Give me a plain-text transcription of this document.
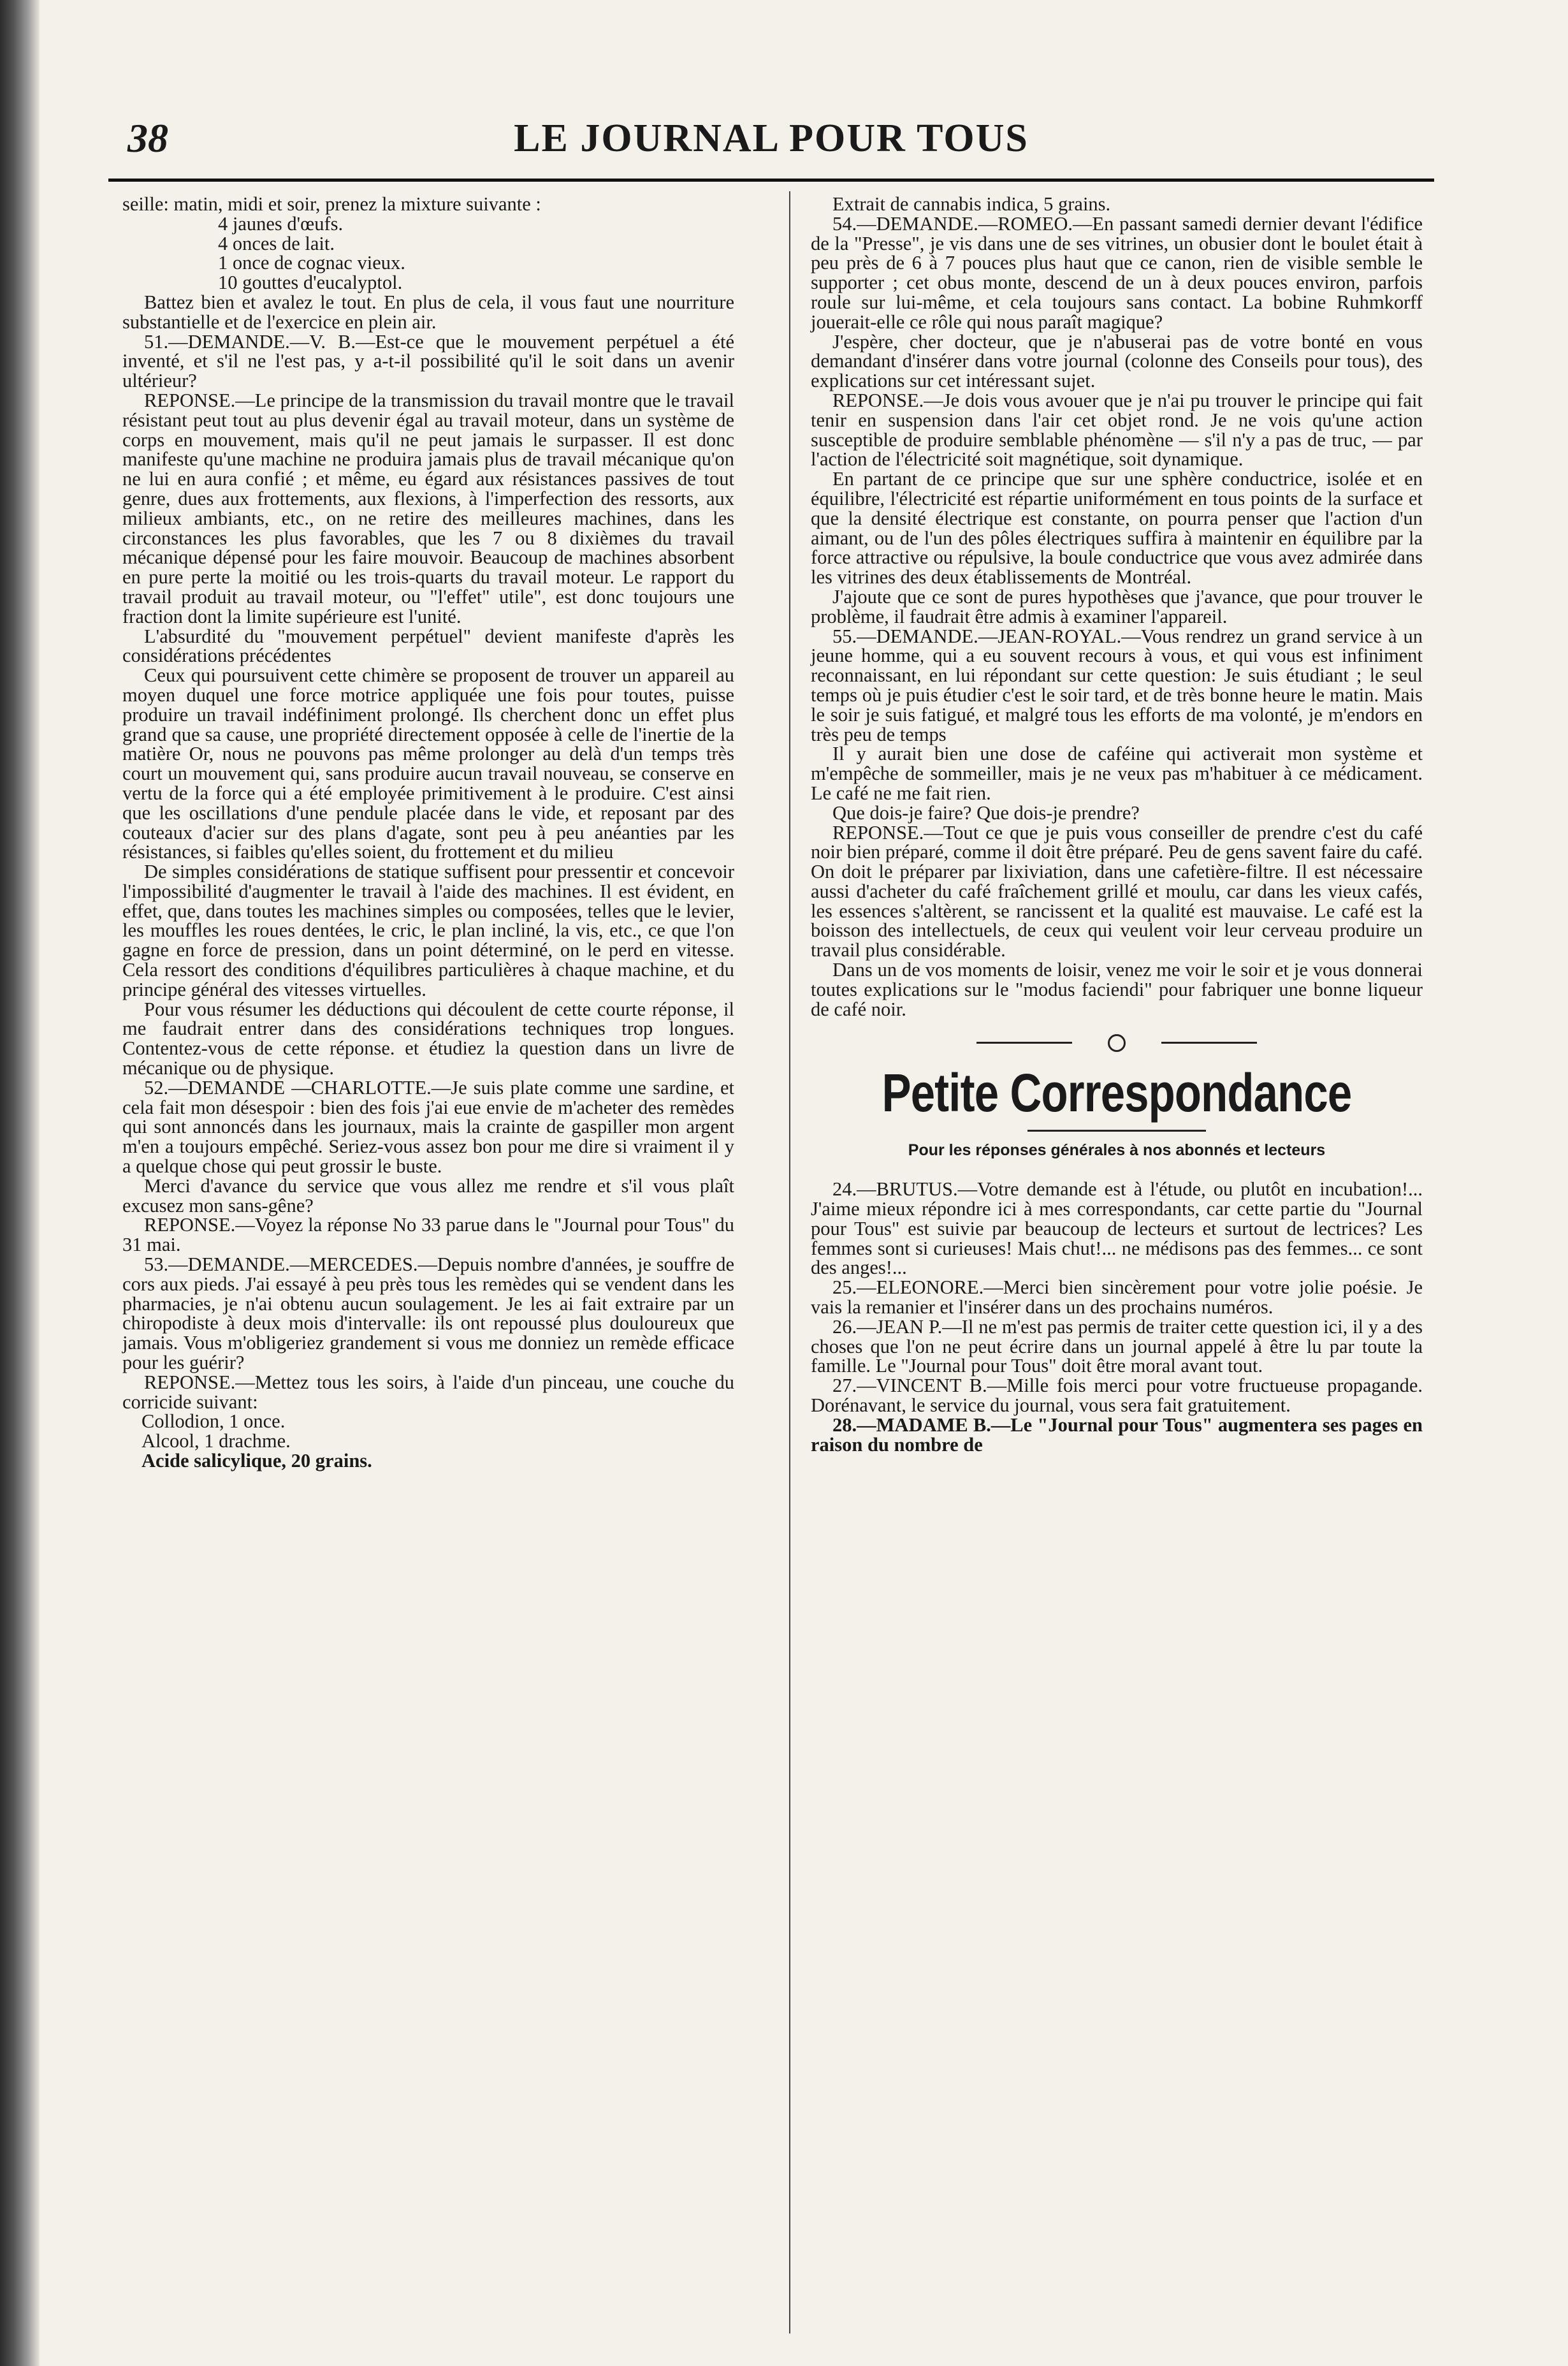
38	LE JOURNAL POUR TOUS

seille: matin, midi et soir, prenez la mixture suivante :

4 jaunes d'œufs.

4 onces de lait.

1 once de cognac vieux.

10 gouttes d'eucalyptol.

Battez bien et avalez le tout. En plus de cela, il vous faut une nourriture substantielle et de l'exercice en plein air.

51.—DEMANDE.—V. B.—Est-ce que le mouvement perpétuel a été inventé, et s'il ne l'est pas, y a-t-il possibilité qu'il le soit dans un avenir ultérieur?

REPONSE.—Le principe de la transmission du travail montre que le travail résistant peut tout au plus devenir égal au travail moteur, dans un système de corps en mouvement, mais qu'il ne peut jamais le surpasser. Il est donc manifeste qu'une machine ne produira jamais plus de travail mécanique qu'on ne lui en aura confié ; et même, eu égard aux résistances passives de tout genre, dues aux frottements, aux flexions, à l'imperfection des ressorts, aux milieux ambiants, etc., on ne retire des meilleures machines, dans les circonstances les plus favorables, que les 7 ou 8 dixièmes du travail mécanique dépensé pour les faire mouvoir. Beaucoup de machines absorbent en pure perte la moitié ou les trois-quarts du travail moteur. Le rapport du travail produit au travail moteur, ou "l'effet" utile", est donc toujours une fraction dont la limite supérieure est l'unité.

L'absurdité du "mouvement perpétuel" devient manifeste d'après les considérations précédentes

Ceux qui poursuivent cette chimère se proposent de trouver un appareil au moyen duquel une force motrice appliquée une fois pour toutes, puisse produire un travail indéfiniment prolongé. Ils cherchent donc un effet plus grand que sa cause, une propriété directement opposée à celle de l'inertie de la matière Or, nous ne pouvons pas même prolonger au delà d'un temps très court un mouvement qui, sans produire aucun travail nouveau, se conserve en vertu de la force qui a été employée primitivement à le produire. C'est ainsi que les oscillations d'une pendule placée dans le vide, et reposant par des couteaux d'acier sur des plans d'agate, sont peu à peu anéanties par les résistances, si faibles qu'elles soient, du frottement et du milieu

De simples considérations de statique suffisent pour pressentir et concevoir l'impossibilité d'augmenter le travail à l'aide des machines. Il est évident, en effet, que, dans toutes les machines simples ou composées, telles que le levier, les mouffles les roues dentées, le cric, le plan incliné, la vis, etc., ce que l'on gagne en force de pression, dans un point déterminé, on le perd en vitesse. Cela ressort des conditions d'équilibres particulières à chaque machine, et du principe général des vitesses virtuelles.

Pour vous résumer les déductions qui découlent de cette courte réponse, il me faudrait entrer dans des considérations techniques trop longues. Contentez-vous de cette réponse. et étudiez la question dans un livre de mécanique ou de physique.

52.—DEMANDE —CHARLOTTE.—Je suis plate comme une sardine, et cela fait mon désespoir : bien des fois j'ai eue envie de m'acheter des remèdes qui sont annoncés dans les journaux, mais la crainte de gaspiller mon argent m'en a toujours empêché. Seriez-vous assez bon pour me dire si vraiment il y a quelque chose qui peut grossir le buste.

Merci d'avance du service que vous allez me rendre et s'il vous plaît excusez mon sans-gêne?

REPONSE.—Voyez la réponse No 33 parue dans le "Journal pour Tous" du 31 mai.

53.—DEMANDE.—MERCEDES.—Depuis nombre d'années, je souffre de cors aux pieds. J'ai essayé à peu près tous les remèdes qui se vendent dans les pharmacies, je n'ai obtenu aucun soulagement. Je les ai fait extraire par un chiropodiste à deux mois d'intervalle: ils ont repoussé plus douloureux que jamais. Vous m'obligeriez grandement si vous me donniez un remède efficace pour les guérir?

REPONSE.—Mettez tous les soirs, à l'aide d'un pinceau, une couche du corricide suivant:

Collodion, 1 once.

Alcool, 1 drachme.

Acide salicylique, 20 grains.

Extrait de cannabis indica, 5 grains.

54.—DEMANDE.—ROMEO.—En passant samedi dernier devant l'édifice de la "Presse", je vis dans une de ses vitrines, un obusier dont le boulet était à peu près de 6 à 7 pouces plus haut que ce canon, rien de visible semble le supporter ; cet obus monte, descend de un à deux pouces environ, parfois roule sur lui-même, et cela toujours sans contact. La bobine Ruhmkorff jouerait-elle ce rôle qui nous paraît magique?

J'espère, cher docteur, que je n'abuserai pas de votre bonté en vous demandant d'insérer dans votre journal (colonne des Conseils pour tous), des explications sur cet intéressant sujet.

REPONSE.—Je dois vous avouer que je n'ai pu trouver le principe qui fait tenir en suspension dans l'air cet objet rond. Je ne vois qu'une action susceptible de produire semblable phénomène — s'il n'y a pas de truc, — par l'action de l'électricité soit magnétique, soit dynamique.

En partant de ce principe que sur une sphère conductrice, isolée et en équilibre, l'électricité est répartie uniformément en tous points de la surface et que la densité électrique est constante, on pourra penser que l'action d'un aimant, ou de l'un des pôles électriques suffira à maintenir en équilibre par la force attractive ou répulsive, la boule conductrice que vous avez admirée dans les vitrines des deux établissements de Montréal.

J'ajoute que ce sont de pures hypothèses que j'avance, que pour trouver le problème, il faudrait être admis à examiner l'appareil.

55.—DEMANDE.—JEAN-ROYAL.—Vous rendrez un grand service à un jeune homme, qui a eu souvent recours à vous, et qui vous est infiniment reconnaissant, en lui répondant sur cette question: Je suis étudiant ; le seul temps où je puis étudier c'est le soir tard, et de très bonne heure le matin. Mais le soir je suis fatigué, et malgré tous les efforts de ma volonté, je m'endors en très peu de temps

Il y aurait bien une dose de caféine qui activerait mon système et m'empêche de sommeiller, mais je ne veux pas m'habituer à ce médicament. Le café ne me fait rien.

Que dois-je faire? Que dois-je prendre?

REPONSE.—Tout ce que je puis vous conseiller de prendre c'est du café noir bien préparé, comme il doit être préparé. Peu de gens savent faire du café. On doit le préparer par lixiviation, dans une cafetière-filtre. Il est nécessaire aussi d'acheter du café fraîchement grillé et moulu, car dans les vieux cafés, les essences s'altèrent, se rancissent et la qualité est mauvaise. Le café est la boisson des intellectuels, de ceux qui veulent voir leur cerveau produire un travail plus considérable.

Dans un de vos moments de loisir, venez me voir le soir et je vous donnerai toutes explications sur le "modus faciendi" pour fabriquer une bonne liqueur de café noir.

Petite Correspondance
Pour les réponses générales à nos abonnés et lecteurs

24.—BRUTUS.—Votre demande est à l'étude, ou plutôt en incubation!... J'aime mieux répondre ici à mes correspondants, car cette partie du "Journal pour Tous" est suivie par beaucoup de lecteurs et surtout de lectrices? Les femmes sont si curieuses! Mais chut!... ne médisons pas des femmes... ce sont des anges!...

25.—ELEONORE.—Merci bien sincèrement pour votre jolie poésie. Je vais la remanier et l'insérer dans un des prochains numéros.

26.—JEAN P.—Il ne m'est pas permis de traiter cette question ici, il y a des choses que l'on ne peut écrire dans un journal appelé à être lu par toute la famille. Le "Journal pour Tous" doit être moral avant tout.

27.—VINCENT B.—Mille fois merci pour votre fructueuse propagande. Dorénavant, le service du journal, vous sera fait gratuitement.

28.—MADAME B.—Le "Journal pour Tous" augmentera ses pages en raison du nombre de
